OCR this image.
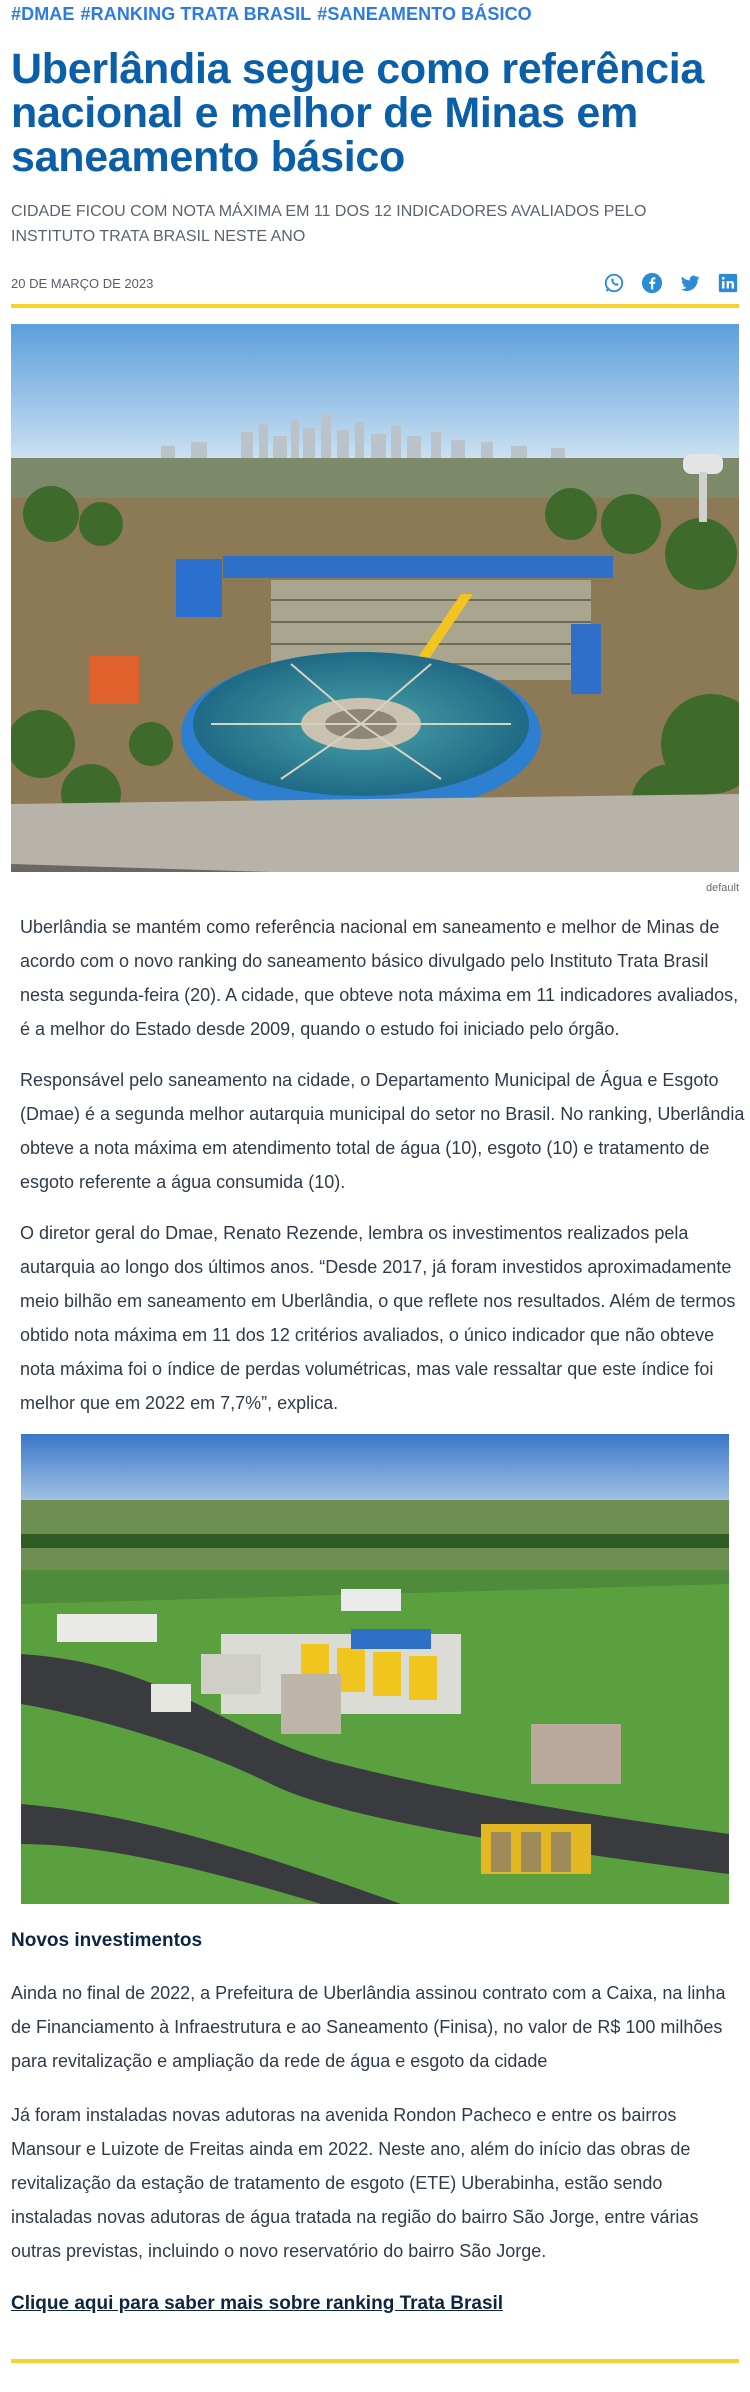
#DMAE #RANKING TRATA BRASIL #SANEAMENTO BÁSICO
Uberlândia segue como referência nacional e melhor de Minas em saneamento básico

CIDADE FICOU COM NOTA MÁXIMA EM 11 DOS 12 INDICADORES AVALIADOS PELO INSTITUTO TRATA BRASIL NESTE ANO

20 DE MARÇO DE 2023
default

Uberlândia se mantém como referência nacional em saneamento e melhor de Minas de acordo com o novo ranking do saneamento básico divulgado pelo Instituto Trata Brasil nesta segunda-feira (20). A cidade, que obteve nota máxima em 11 indicadores avaliados, é a melhor do Estado desde 2009, quando o estudo foi iniciado pelo órgão.

Responsável pelo saneamento na cidade, o Departamento Municipal de Água e Esgoto (Dmae) é a segunda melhor autarquia municipal do setor no Brasil. No ranking, Uberlândia obteve a nota máxima em atendimento total de água (10), esgoto (10) e tratamento de esgoto referente a água consumida (10).

O diretor geral do Dmae, Renato Rezende, lembra os investimentos realizados pela autarquia ao longo dos últimos anos. “Desde 2017, já foram investidos aproximadamente meio bilhão em saneamento em Uberlândia, o que reflete nos resultados. Além de termos obtido nota máxima em 11 dos 12 critérios avaliados, o único indicador que não obteve nota máxima foi o índice de perdas volumétricas, mas vale ressaltar que este índice foi melhor que em 2022 em 7,7%”, explica.

Novos investimentos

Ainda no final de 2022, a Prefeitura de Uberlândia assinou contrato com a Caixa, na linha de Financiamento à Infraestrutura e ao Saneamento (Finisa), no valor de R$ 100 milhões para revitalização e ampliação da rede de água e esgoto da cidade

Já foram instaladas novas adutoras na avenida Rondon Pacheco e entre os bairros Mansour e Luizote de Freitas ainda em 2022. Neste ano, além do início das obras de revitalização da estação de tratamento de esgoto (ETE) Uberabinha, estão sendo instaladas novas adutoras de água tratada na região do bairro São Jorge, entre várias outras previstas, incluindo o novo reservatório do bairro São Jorge.

Clique aqui para saber mais sobre ranking Trata Brasil
